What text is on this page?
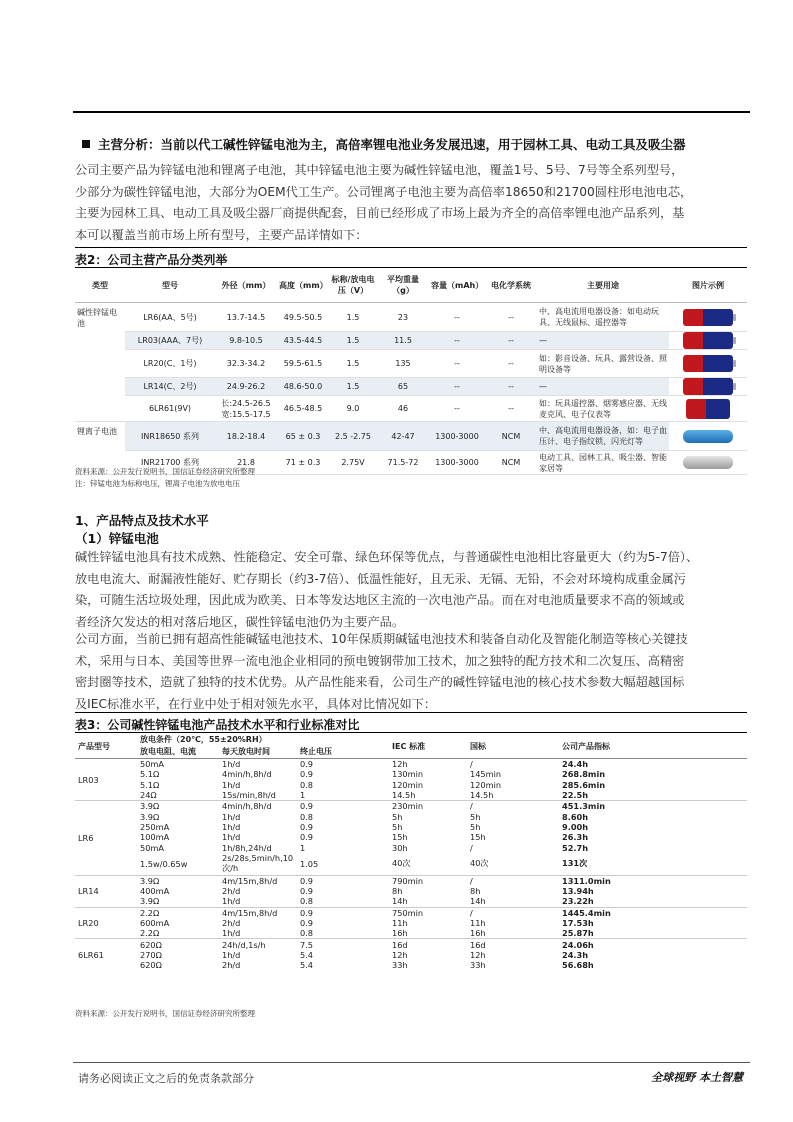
主营分析：当前以代工碱性锌锰电池为主，高倍率锂电池业务发展迅速，用于园林工具、电动工具及吸尘器

公司主要产品为锌锰电池和锂离子电池，其中锌锰电池主要为碱性锌锰电池，覆盖1号、5号、7号等全系列型号，

少部分为碳性锌锰电池，大部分为OEM代工生产。公司锂离子电池主要为高倍率18650和21700圆柱形电池电芯，

主要为园林工具、电动工具及吸尘器厂商提供配套，目前已经形成了市场上最为齐全的高倍率锂电池产品系列，基

本可以覆盖当前市场上所有型号，主要产品详情如下：

表2：公司主营产品分类列举
类型	型号	外径（mm）	高度（mm）	标称/放电电压（V）	平均重量（g）	容量（mAh）	电化学系统	主要用途	图片示例
碱性锌锰电池	LR6(AA、5号)	13.7-14.5	49.5-50.5	1.5	23	--	--	中、高电流用电器设备：如电动玩具、无线鼠标、遥控器等	
	LR03(AAA、7号)	9.8-10.5	43.5-44.5	1.5	11.5	--	--	—	
	LR20(C、1号)	32.3-34.2	59.5-61.5	1.5	135	--	--	如：影音设备、玩具、露营设备、照明设备等	
	LR14(C、2号)	24.9-26.2	48.6-50.0	1.5	65	--	--	—	
	6LR61(9V)	长:24.5-26.5 宽:15.5-17.5	46.5-48.5	9.0	46	--	--	如：玩具遥控器、烟雾感应器、无线麦克风、电子仪表等	
锂离子电池	INR18650 系列	18.2-18.4	65 ± 0.3	2.5 -2.75	42-47	1300-3000	NCM	中、高电流用电器设备，如：电子血压计、电子指纹锁、闪光灯等	
	INR21700 系列	21.8	71 ± 0.3	2.75V	71.5-72	1300-3000	NCM	电动工具、园林工具、吸尘器、智能家居等	
资料来源：公开发行说明书，国信证券经济研究所整理
注：锌锰电池为标称电压，锂离子电池为放电电压
1、产品特点及技术水平
（1）锌锰电池

碱性锌锰电池具有技术成熟、性能稳定、安全可靠、绿色环保等优点，与普通碳性电池相比容量更大（约为5-7倍）、

放电电流大、耐漏液性能好、贮存期长（约3-7倍）、低温性能好，且无汞、无镉、无铅，不会对环境构成重金属污

染，可随生活垃圾处理，因此成为欧美、日本等发达地区主流的一次电池产品。而在对电池质量要求不高的领域或

者经济欠发达的相对落后地区，碳性锌锰电池仍为主要产品。

公司方面，当前已拥有超高性能碱锰电池技术、10年保质期碱锰电池技术和装备自动化及智能化制造等核心关键技

术，采用与日本、美国等世界一流电池企业相同的预电镀钢带加工技术，加之独特的配方技术和二次复压、高精密

密封圈等技术，造就了独特的技术优势。从产品性能来看，公司生产的碱性锌锰电池的核心技术参数大幅超越国标

及IEC标准水平，在行业中处于相对领先水平，具体对比情况如下：

表3：公司碱性锌锰电池产品技术水平和行业标准对比
产品型号	放电条件（20℃，55±20%RH）			IEC 标准	国标	公司产品指标
	放电电阻、电流	每天放电时间	终止电压			
LR03	50mA	1h/d	0.9	12h	/	24.4h
	5.1Ω	4min/h,8h/d	0.9	130min	145min	268.8min
	5.1Ω	1h/d	0.8	120min	120min	285.6min
	24Ω	15s/min,8h/d	1	14.5h	14.5h	22.5h
LR6	3.9Ω	4min/h,8h/d	0.9	230min	/	451.3min
	3.9Ω	1h/d	0.8	5h	5h	8.60h
	250mA	1h/d	0.9	5h	5h	9.00h
	100mA	1h/d	0.9	15h	15h	26.3h
	50mA	1h/8h,24h/d	1	30h	/	52.7h
	1.5w/0.65w	2s/28s,5min/h,10次/h	1.05	40次	40次	131次
LR14	3.9Ω	4m/15m,8h/d	0.9	790min	/	1311.0min
	400mA	2h/d	0.9	8h	8h	13.94h
	3.9Ω	1h/d	0.8	14h	14h	23.22h
LR20	2.2Ω	4m/15m,8h/d	0.9	750min	/	1445.4min
	600mA	2h/d	0.9	11h	11h	17.53h
	2.2Ω	1h/d	0.8	16h	16h	25.87h
6LR61	620Ω	24h/d,1s/h	7.5	16d	16d	24.06h
	270Ω	1h/d	5.4	12h	12h	24.3h
	620Ω	2h/d	5.4	33h	33h	56.68h
资料来源：公开发行说明书，国信证券经济研究所整理
请务必阅读正文之后的免责条款部分	全球视野 本土智慧
